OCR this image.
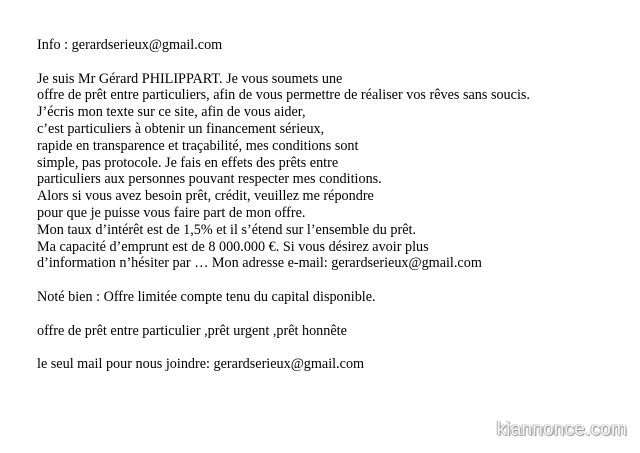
Info : gerardserieux@gmail.com
Je suis Mr Gérard PHILIPPART. Je vous soumets une
offre de prêt entre particuliers, afin de vous permettre de réaliser vos rêves sans soucis.
J’écris mon texte sur ce site, afin de vous aider,
c’est particuliers à obtenir un financement sérieux,
rapide en transparence et traçabilité, mes conditions sont
simple, pas protocole. Je fais en effets des prêts entre
particuliers aux personnes pouvant respecter mes conditions.
Alors si vous avez besoin prêt, crédit, veuillez me répondre
pour que je puisse vous faire part de mon offre.
Mon taux d’intérêt est de 1,5% et il s’étend sur l’ensemble du prêt.
Ma capacité d’emprunt est de 8 000.000 €. Si vous désirez avoir plus
d’information n’hésiter par … Mon adresse e-mail: gerardserieux@gmail.com
Noté bien : Offre limitée compte tenu du capital disponible.
offre de prêt entre particulier ,prêt urgent ,prêt honnête
le seul mail pour nous joindre: gerardserieux@gmail.com
kiannonce.com
